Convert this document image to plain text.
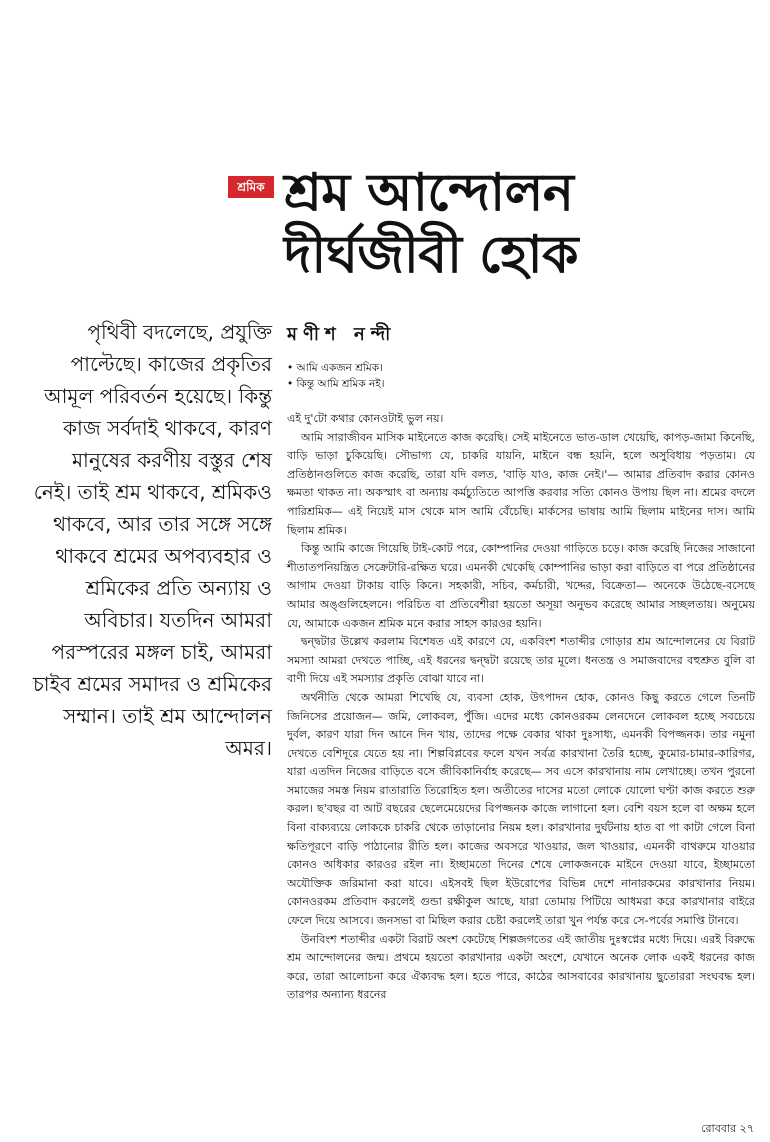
শ্রমিক শ্রম আন্দোলন
দীর্ঘজীবী হোক

পৃথিবী বদলেছে, প্রযুক্তি পাল্টেছে। কাজের প্রকৃতির আমূল পরিবর্তন হয়েছে। কিন্তু কাজ সর্বদাই থাকবে, কারণ মানুষের করণীয় বস্তুর শেষ নেই। তাই শ্রম থাকবে, শ্রমিকও থাকবে, আর তার সঙ্গে সঙ্গে থাকবে শ্রমের অপব্যবহার ও শ্রমিকের প্রতি অন্যায় ও অবিচার। যতদিন আমরা পরস্পরের মঙ্গল চাই, আমরা চাইব শ্রমের সমাদর ও শ্রমিকের সম্মান। তাই শ্রম আন্দোলন অমর।

মণীশ নন্দী
• আমি একজন শ্রমিক।
• কিন্তু আমি শ্রমিক নই।

এই দু'টো কথার কোনওটাই ভুল নয়।

আমি সারাজীবন মাসিক মাইনেতে কাজ করেছি। সেই মাইনেতে ভাত-ডাল খেয়েছি, কাপড়-জামা কিনেছি, বাড়ি ভাড়া চুকিয়েছি। সৌভাগ্য যে, চাকরি যায়নি, মাইনে বন্ধ হয়নি, হলে অসুবিধায় পড়তাম। যে প্রতিষ্ঠানগুলিতে কাজ করেছি, তারা যদি বলত, 'বাড়ি যাও, কাজ নেই।'— আমার প্রতিবাদ করার কোনও ক্ষমতা থাকত না। অকস্মাৎ বা অন্যায় কর্মচ্যুতিতে আপত্তি করবার সত্যি কোনও উপায় ছিল না। শ্রমের বদলে পারিশ্রমিক— এই নিয়েই মাস থেকে মাস আমি বেঁচেছি। মার্কসের ভাষায় আমি ছিলাম মাইনের দাস। আমি ছিলাম শ্রমিক।

কিন্তু আমি কাজে গিয়েছি টাই-কোট পরে, কোম্পানির দেওয়া গাড়িতে চড়ে। কাজ করেছি নিজের সাজানো শীতাতপনিয়ন্ত্রিত সেক্রেটারি-রক্ষিত ঘরে। এমনকী থেকেছি কোম্পানির ভাড়া করা বাড়িতে বা পরে প্রতিষ্ঠানের আগাম দেওয়া টাকায় বাড়ি কিনে। সহকারী, সচিব, কর্মচারী, খদ্দের, বিক্রেতা— অনেকে উঠেছে-বসেছে আমার অঙ্গুলিহেলনে। পরিচিত বা প্রতিবেশীরা হয়তো অসূয়া অনুভব করেছে আমার সচ্ছলতায়। অনুমেয় যে, আমাকে একজন শ্রমিক মনে করার সাহস কারওর হয়নি।

দ্বন্দ্বটার উল্লেখ করলাম বিশেষত এই কারণে যে, একবিংশ শতাব্দীর গোড়ার শ্রম আন্দোলনের যে বিরাট সমস্যা আমরা দেখতে পাচ্ছি, এই ধরনের দ্বন্দ্বটা রয়েছে তার মূলে। ধনতন্ত্র ও সমাজবাদের বহুশ্রুত বুলি বা বাণী দিয়ে এই সমস্যার প্রকৃতি বোঝা যাবে না।

অর্থনীতি থেকে আমরা শিখেছি যে, ব্যবসা হোক, উৎপাদন হোক, কোনও কিছু করতে গেলে তিনটি জিনিসের প্রয়োজন— জমি, লোকবল, পুঁজি। এদের মধ্যে কোনওরকম লেনদেনে লোকবল হচ্ছে সবচেয়ে দুর্বল, কারণ যারা দিন আনে দিন খায়, তাদের পক্ষে বেকার থাকা দুঃসাধ্য, এমনকী বিপজ্জনক। তার নমুনা দেখতে বেশিদূরে যেতে হয় না। শিল্পবিপ্লবের ফলে যখন সর্বত্র কারখানা তৈরি হচ্ছে, কুমোর-চামার-কারিগর, যারা এতদিন নিজের বাড়িতে বসে জীবিকানির্বাহ করেছে— সব এসে কারখানায় নাম লেখাচ্ছে। তখন পুরনো সমাজের সমস্ত নিয়ম রাতারাতি তিরোহিত হল। অতীতের দাসের মতো লোকে যোলো ঘণ্টা কাজ করতে শুরু করল। ছ'বছর বা আট বছরের ছেলেমেয়েদের বিপজ্জনক কাজে লাগানো হল। বেশি বয়স হলে বা অক্ষম হলে বিনা বাক্যব্যয়ে লোককে চাকরি থেকে তাড়ানোর নিয়ম হল। কারখানার দুর্ঘটনায় হাত বা পা কাটা গেলে বিনা ক্ষতিপূরণে বাড়ি পাঠানোর রীতি হল। কাজের অবসরে খাওয়ার, জল খাওয়ার, এমনকী বাথরুমে যাওয়ার কোনও অধিকার কারওর রইল না। ইচ্ছামতো দিনের শেষে লোকজনকে মাইনে দেওয়া যাবে, ইচ্ছামতো অযৌক্তিক জরিমানা করা যাবে। এইসবই ছিল ইউরোপের বিভিন্ন দেশে নানারকমের কারখানার নিয়ম। কোনওরকম প্রতিবাদ করলেই গুন্ডা রক্ষীকুল আছে, যারা তোমায় পিটিয়ে আধমরা করে কারখানার বাইরে ফেলে দিয়ে আসবে। জনসভা বা মিছিল করার চেষ্টা করলেই তারা খুন পর্যন্ত করে সে-পর্বের সমাপ্তি টানবে।

উনবিংশ শতাব্দীর একটা বিরাট অংশ কেটেছে শিল্পজগতের এই জাতীয় দুঃস্বপ্নের মধ্যে দিয়ে। এরই বিরুদ্ধে শ্রম আন্দোলনের জন্ম। প্রথমে হয়তো কারখানার একটা অংশে, যেখানে অনেক লোক একই ধরনের কাজ করে, তারা আলোচনা করে ঐক্যবদ্ধ হল। হতে পারে, কাঠের আসবাবের কারখানায় ছুতোররা সংঘবদ্ধ হল। তারপর অন্যান্য ধরনের

রোববার ২৭
